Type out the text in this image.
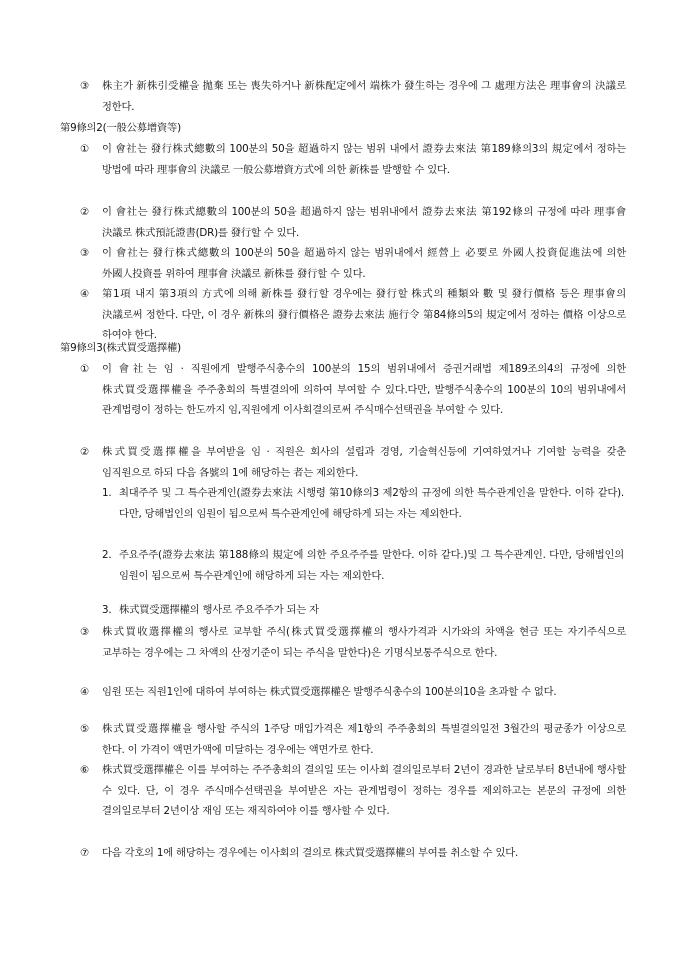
③	株主가 新株引受權을 拋棄 또는 喪失하거나 新株配定에서 端株가 發生하는 경우에 그 處理方法은 理事會의 決議로 정한다.
第9條의2(一般公募增資等)
①	이 會社는 發行株式總數의 100분의 50을 超過하지 않는 범위 내에서 證券去來法 第189條의3의 規定에서 정하는 방법에 따라 理事會의 決議로 一般公募增資方式에 의한 新株를 발행할 수 있다.
②	이 會社는 發行株式總數의 100분의 50을 超過하지 않는 범위내에서 證券去來法 第192條의 규정에 따라 理事會 決議로 株式預託證書(DR)를 發行할 수 있다.
③	이 會社는 發行株式總數의 100분의 50을 超過하지 않는 범위내에서 經營上 必要로 外國人投資促進法에 의한 外國人投資를 위하여 理事會 決議로 新株를 發行할 수 있다.
④	第1項 내지 第3項의 方式에 의해 新株를 發行할 경우에는 發行할 株式의 種類와 數 및 發行價格 등은 理事會의 決議로써 정한다. 다만, 이 경우 新株의 發行價格은 證券去來法 施行令 第84條의5의 規定에서 정하는 價格 이상으로 하여야 한다.
第9條의3(株式買受選擇權)
①	이 會社는 임 · 직원에게 발행주식총수의 100분의 15의 범위내에서 증권거래법 제189조의4의 규정에 의한 株式買受選擇權을 주주총회의 특별결의에 의하여 부여할 수 있다.다만, 발행주식총수의 100분의 10의 범위내에서 관계법령이 정하는 한도까지 임,직원에게 이사회결의로써 주식매수선택권을 부여할 수 있다.
②	株式買受選擇權을 부여받을 임 · 직원은 회사의 설립과 경영, 기술혁신등에 기여하였거나 기여할 능력을 갖춘 임직원으로 하되 다음 各號의 1에 해당하는 者는 제외한다.
1. 최대주주 및 그 특수관계인(證券去來法 시행령 第10條의3 제2항의 규정에 의한 특수관계인을 말한다. 이하 같다). 다만, 당해법인의 임원이 됨으로써 특수관계인에 해당하게 되는 자는 제외한다.
2. 주요주주(證券去來法 第188條의 規定에 의한 주요주주를 말한다. 이하 같다.)및 그 특수관계인. 다만, 당해법인의 임원이 됨으로써 특수관계인에 해당하게 되는 자는 제외한다.
3. 株式買受選擇權의 행사로 주요주주가 되는 자
③	株式買收選擇權의 행사로 교부할 주식(株式買受選擇權의 행사가격과 시가와의 차액을 현금 또는 자기주식으로 교부하는 경우에는 그 차액의 산정기준이 되는 주식을 말한다)은 기명식보통주식으로 한다.
④	임원 또는 직원1인에 대하여 부여하는 株式買受選擇權은 발행주식총수의 100분의10을 초과할 수 없다.
⑤	株式買受選擇權을 행사할 주식의 1주당 매입가격은 제1항의 주주총회의 특별결의일전 3월간의 평균종가 이상으로 한다. 이 가격이 액면가액에 미달하는 경우에는 액면가로 한다.
⑥	株式買受選擇權은 이를 부여하는 주주총회의 결의일 또는 이사회 결의일로부터 2년이 경과한 날로부터 8년내에 행사할 수 있다. 단, 이 경우 주식매수선택권을 부여받은 자는 관계법령이 정하는 경우를 제외하고는 본문의 규정에 의한 결의일로부터 2년이상 재임 또는 재직하여야 이를 행사할 수 있다.
⑦	다음 각호의 1에 해당하는 경우에는 이사회의 결의로 株式買受選擇權의 부여를 취소할 수 있다.
